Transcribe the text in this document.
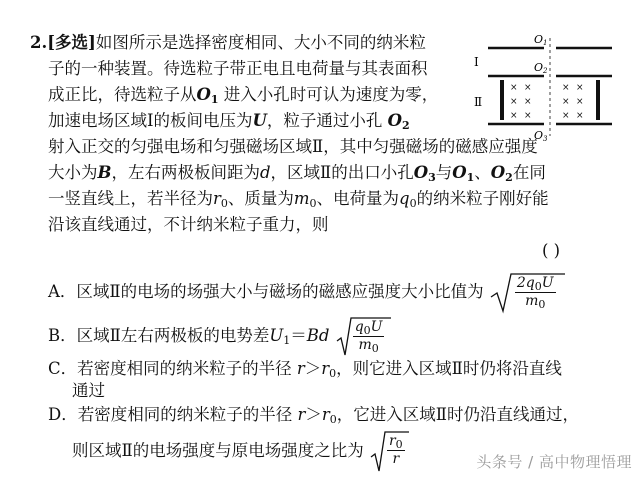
2.[多选]如图所示是选择密度相同、大小不同的纳米粒
子的一种装置。待选粒子带正电且电荷量与其表面积
成正比，待选粒子从$O_1$ 进入小孔时可认为速度为零，
加速电场区域Ⅰ的板间电压为U，粒子通过小孔 $O_2$
射入正交的匀强电场和匀强磁场区域Ⅱ，其中匀强磁场的磁感应强度
大小为B，左右两极板间距为d，区域Ⅱ的出口小孔$O_3$与$O_1$、$O_2$在同
一竖直线上，若半径为$r_0$、质量为$m_0$、电荷量为$q_0$的纳米粒子刚好能
沿该直线通过，不计纳米粒子重力，则
( )
A．区域Ⅱ的电场的场强大小与磁场的磁感应强度大小比值为 $\frac{2q_0U}{m_0}$
B．区域Ⅱ左右两极板的电势差$U_1=Bd \frac{q_0U}{m_0}$
C．若密度相同的纳米粒子的半径 $r>r_0$，则它进入区域Ⅱ时仍将沿直线
通过
D．若密度相同的纳米粒子的半径 $r>r_0$，它进入区域Ⅱ时仍沿直线通过，
则区域Ⅱ的电场强度与原电场强度之比为 $\frac{r_0}{r}$
O1
O2
O3
Ⅰ
Ⅱ
× ×	× ×
× ×	× ×
× ×	× ×
头条号 / 高中物理悟理
